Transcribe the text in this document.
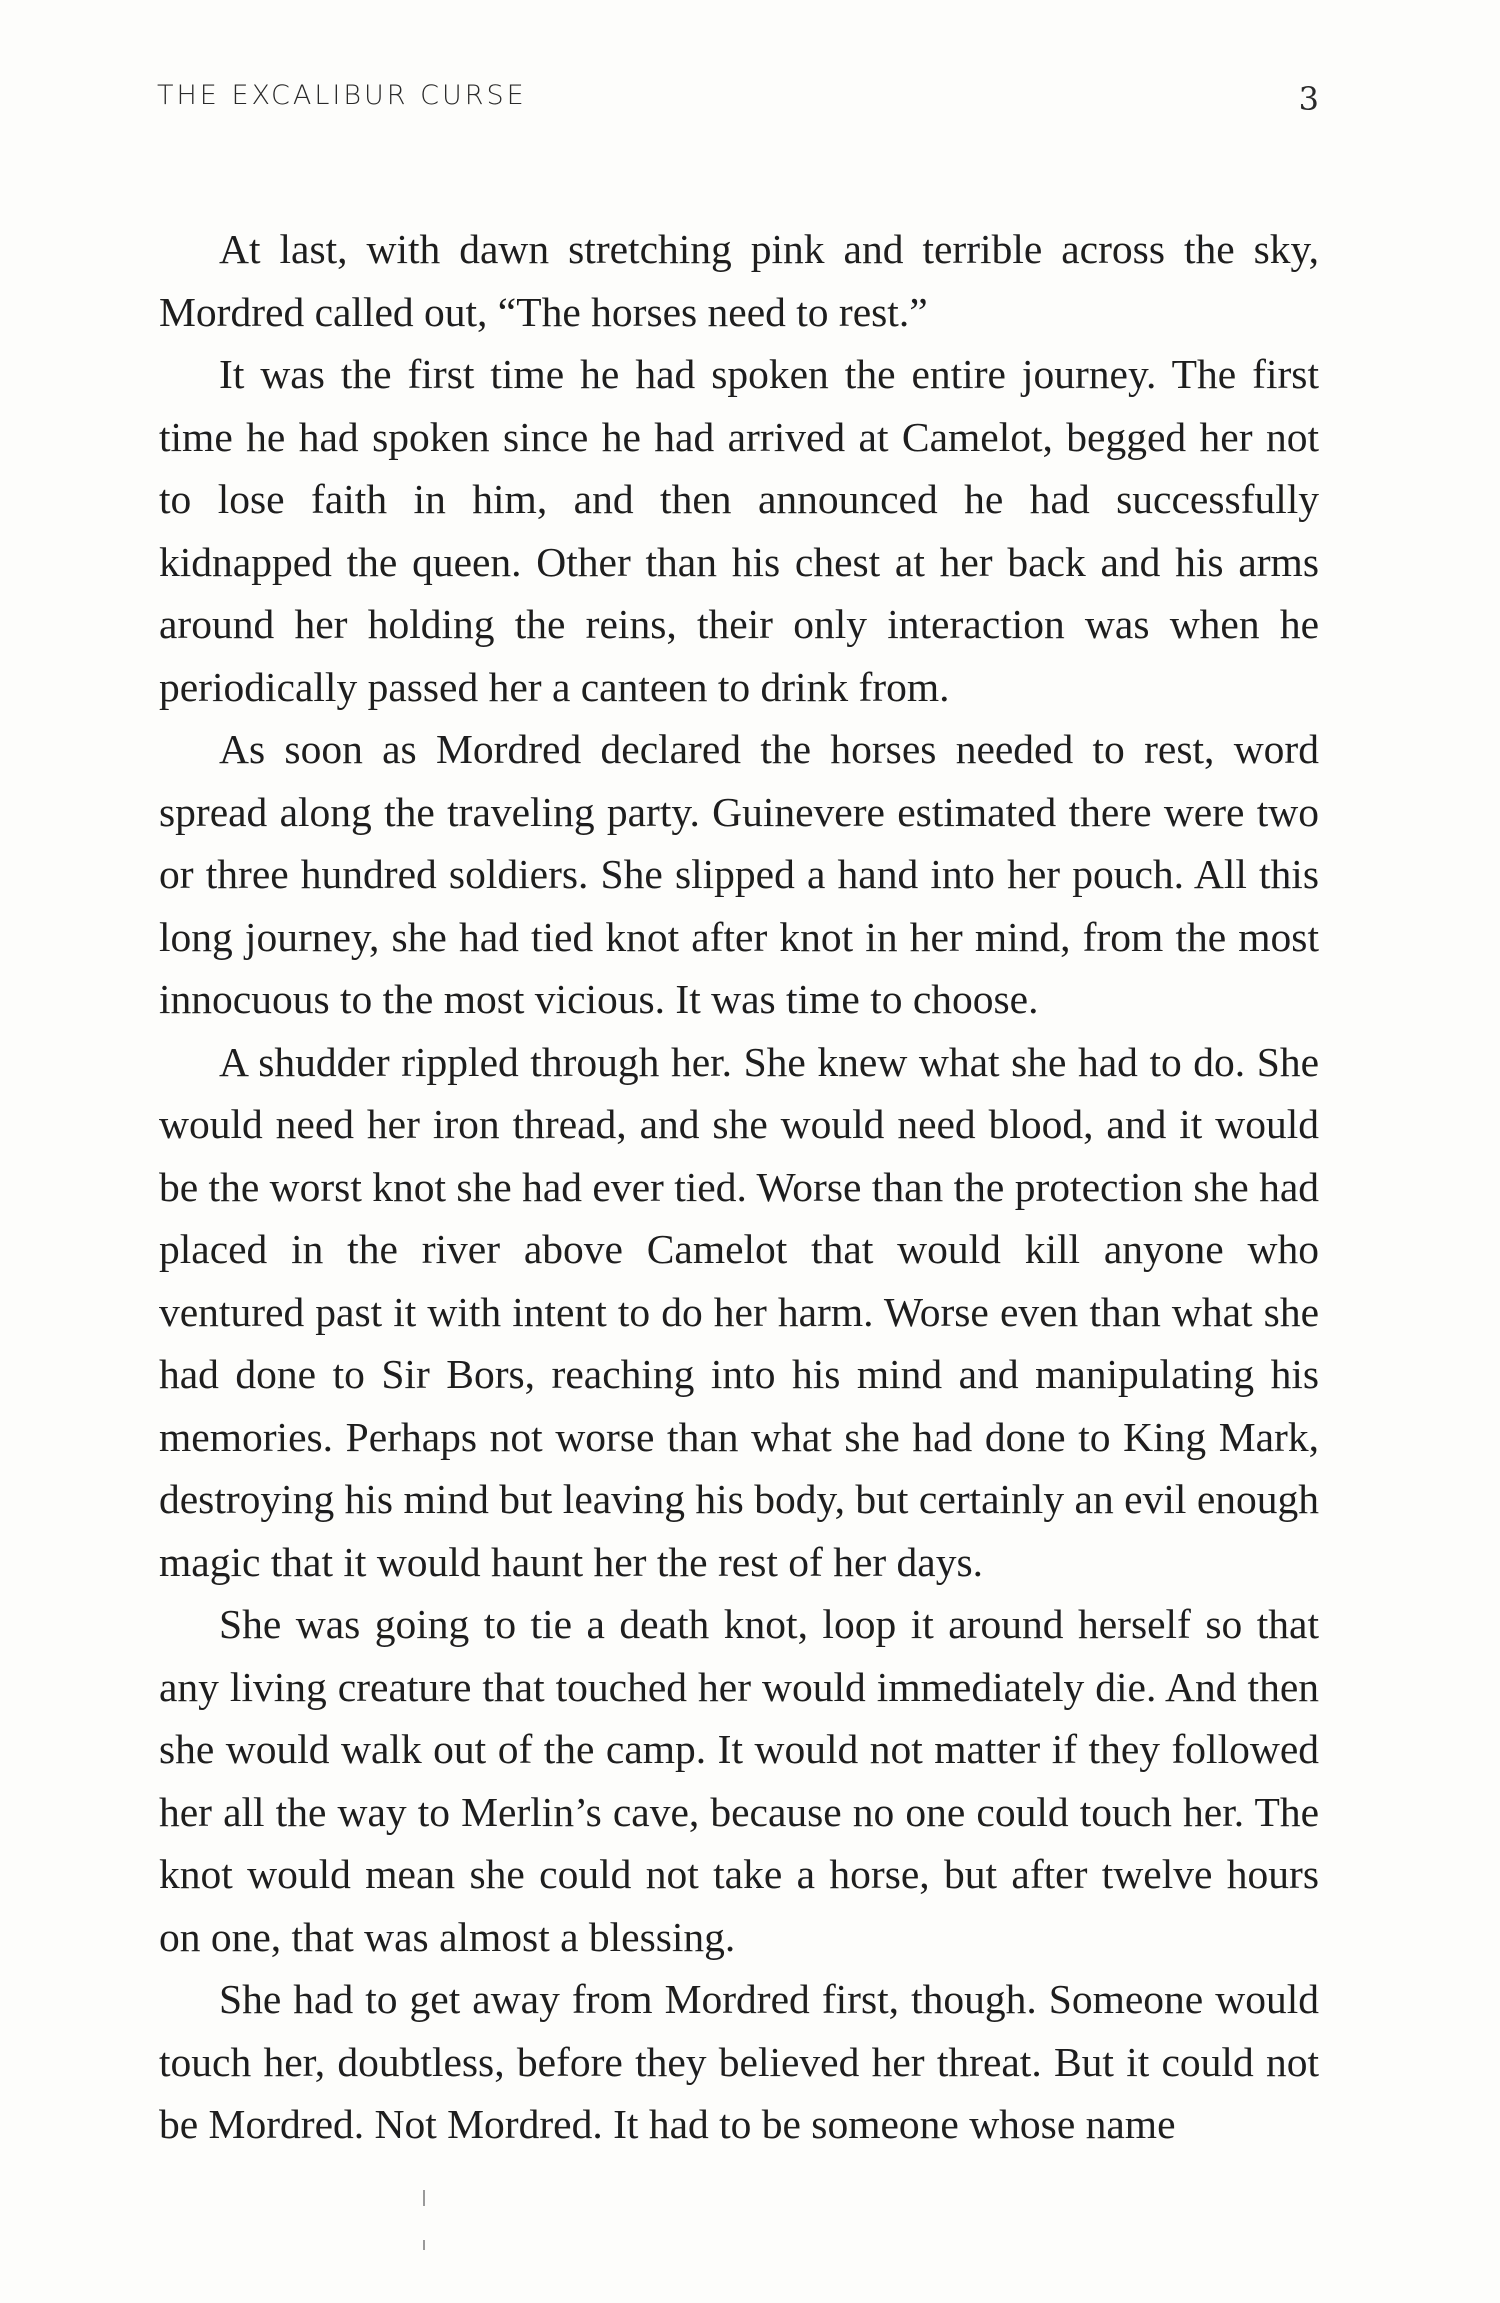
THE EXCALIBUR CURSE	3

At last, with dawn stretching pink and terrible across the sky, Mordred called out, “The horses need to rest.”

It was the first time he had spoken the entire journey. The first time he had spoken since he had arrived at Camelot, begged her not to lose faith in him, and then announced he had successfully kidnapped the queen. Other than his chest at her back and his arms around her holding the reins, their only interaction was when he periodically passed her a canteen to drink from.

As soon as Mordred declared the horses needed to rest, word spread along the traveling party. Guinevere estimated there were two or three hundred soldiers. She slipped a hand into her pouch. All this long journey, she had tied knot after knot in her mind, from the most innocuous to the most vicious. It was time to choose.

A shudder rippled through her. She knew what she had to do. She would need her iron thread, and she would need blood, and it would be the worst knot she had ever tied. Worse than the protection she had placed in the river above Camelot that would kill anyone who ventured past it with intent to do her harm. Worse even than what she had done to Sir Bors, reaching into his mind and manipulating his memories. Perhaps not worse than what she had done to King Mark, destroying his mind but leaving his body, but certainly an evil enough magic that it would haunt her the rest of her days.

She was going to tie a death knot, loop it around herself so that any living creature that touched her would immediately die. And then she would walk out of the camp. It would not matter if they followed her all the way to Merlin’s cave, because no one could touch her. The knot would mean she could not take a horse, but after twelve hours on one, that was almost a blessing.

She had to get away from Mordred first, though. Someone would touch her, doubtless, before they believed her threat. But it could not be Mordred. Not Mordred. It had to be someone whose name
